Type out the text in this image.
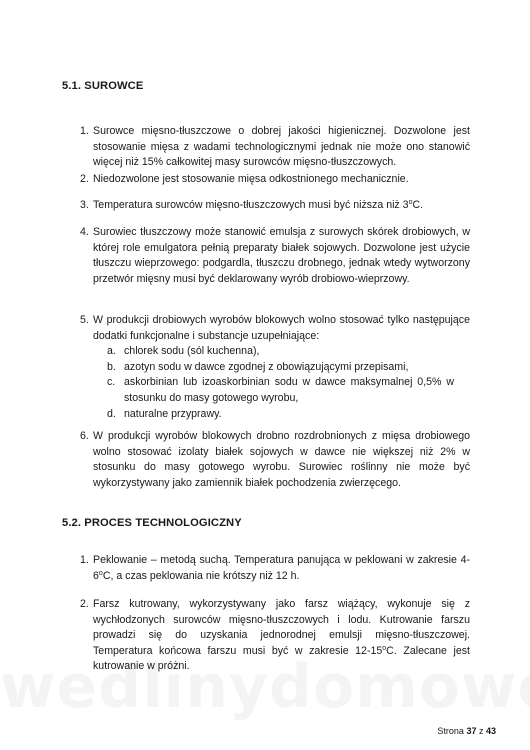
5.1. SUROWCE
1. Surowce mięsno-tłuszczowe o dobrej jakości higienicznej. Dozwolone jest stosowanie mięsa z wadami technologicznymi jednak nie może ono stanowić więcej niż 15% całkowitej masy surowców mięsno-tłuszczowych.
2. Niedozwolone jest stosowanie mięsa odkostnionego mechanicznie.
3. Temperatura surowców mięsno-tłuszczowych musi być niższa niż 3$^o$C.
4. Surowiec tłuszczowy może stanowić emulsja z surowych skórek drobiowych, w której role emulgatora pełnią preparaty białek sojowych. Dozwolone jest użycie tłuszczu wieprzowego: podgardla, tłuszczu drobnego, jednak wtedy wytworzony przetwór mięsny musi być deklarowany wyrób drobiowo-wieprzowy.
5. W produkcji drobiowych wyrobów blokowych wolno stosować tylko następujące dodatki funkcjonalne i substancje uzupełniające:
a. chlorek sodu (sól kuchenna),
b. azotyn sodu w dawce zgodnej z obowiązującymi przepisami,
c. askorbinian lub izoaskorbinian sodu w dawce maksymalnej 0,5% w stosunku do masy gotowego wyrobu,
d. naturalne przyprawy.
6. W produkcji wyrobów blokowych drobno rozdrobnionych z mięsa drobiowego wolno stosować izolaty białek sojowych w dawce nie większej niż 2% w stosunku do masy gotowego wyrobu. Surowiec roślinny nie może być wykorzystywany jako zamiennik białek pochodzenia zwierzęcego.
5.2. PROCES TECHNOLOGICZNY
1. Peklowanie – metodą suchą. Temperatura panująca w peklowani w zakresie 4-6$^o$C, a czas peklowania nie krótszy niż 12 h.
2. Farsz kutrowany, wykorzystywany jako farsz wiążący, wykonuje się z wychłodzonych surowców mięsno-tłuszczowych i lodu. Kutrowanie farszu prowadzi się do uzyskania jednorodnej emulsji mięsno-tłuszczowej. Temperatura końcowa farszu musi być w zakresie 12-15$^o$C. Zalecane jest kutrowanie w próżni.
Strona 37 z 43
